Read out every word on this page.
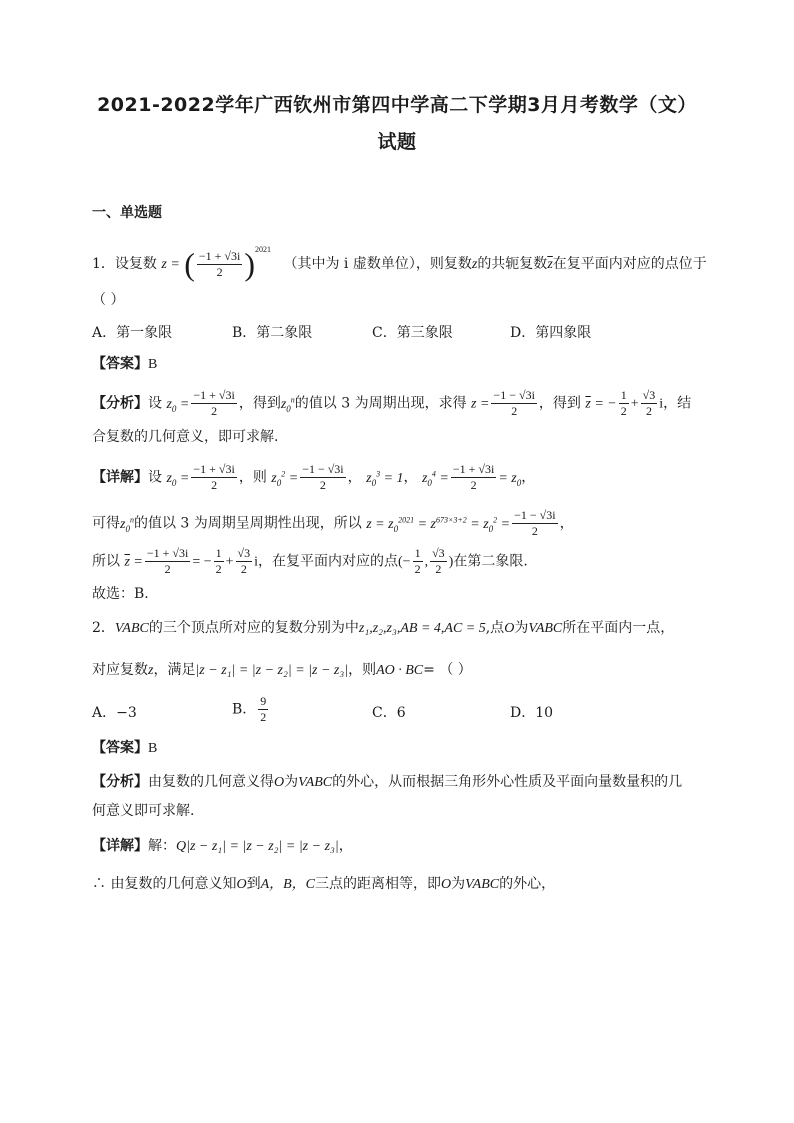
2021-2022学年广西钦州市第四中学高二下学期3月月考数学（文）
试题
一、单选题
1．设复数 z = ( $\frac{-1 + √3i}{2} )^{2021}$ （其中为 i 虚数单位），则复数z的共轭复数$\overline{z}$在复平面内对应的点位于
（ ）
A．第一象限	B．第二象限	C．第三象限	D．第四象限
【答案】B
【分析】设 $z_0 = \frac{-1 + √3i}{2}$ ，得到$z_0^n$的值以 3 为周期出现，求得 $z = \frac{-1 - √3i}{2}$ ，得到 $\overline{z}$ = − $\frac{1}{2} + \frac{√3}{2}$ i，结
合复数的几何意义，即可求解.
【详解】设 $z_0 = \frac{-1 + √3i}{2}$ ，则 $z_0^2 = \frac{-1 - √3i}{2}$ ， $z_0^3 = 1$， $z_0^4 = \frac{-1 + √3i}{2} = z_0$，
可得$z_0^n$的值以 3 为周期呈周期性出现，所以 $z = z_0^{2021} = z^{673\times 3+2} = z_0^2 = \frac{-1 - √3i}{2}$ ，
所以 $\overline{z} = \frac{-1 + √3i}{2}$ = − $\frac{1}{2} + \frac{√3}{2}$ i，在复平面内对应的点(− $\frac{1}{2}$ , $\frac{√3}{2}$ )在第二象限.
故选：B.
2．VABC的三个顶点所对应的复数分别为中z₁,z₂,z₃,AB = 4,AC = 5,点O为VABC所在平面内一点，
对应复数z，满足|z − z₁| = |z − z₂| = |z − z₃|，则AO · BC= （ ）
A．−3	B． $\frac{9}{2}$	C．6	D．10
【答案】B
【分析】由复数的几何意义得O为VABC的外心，从而根据三角形外心性质及平面向量数量积的几
何意义即可求解.
【详解】解：Q|z − z₁| = |z − z₂| = |z − z₃|，
∴ 由复数的几何意义知O到A，B，C三点的距离相等，即O为VABC的外心，
